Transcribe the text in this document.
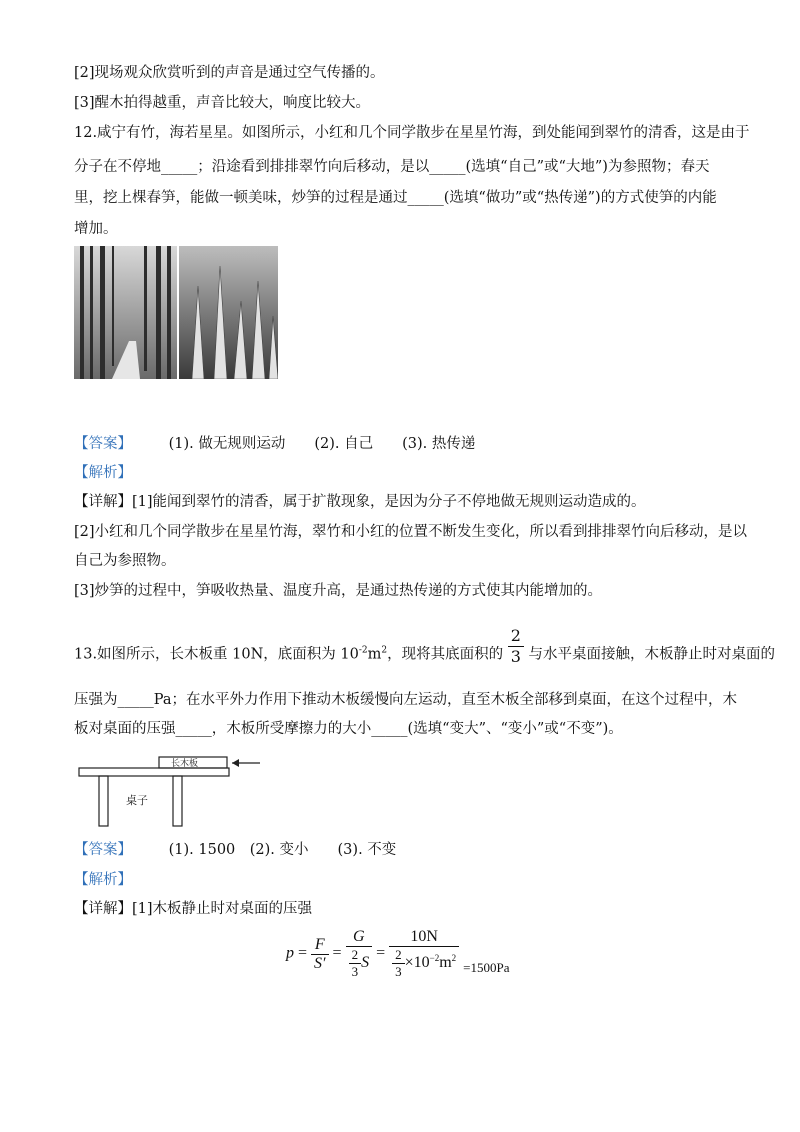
[2]现场观众欣赏听到的声音是通过空气传播的。
[3]醒木拍得越重，声音比较大，响度比较大。
12.咸宁有竹，海若星星。如图所示，小红和几个同学散步在星星竹海，到处能闻到翠竹的清香，这是由于
分子在不停地_____；沿途看到排排翠竹向后移动，是以_____(选填“自己”或“大地”)为参照物；春天
里，挖上棵春笋，能做一顿美味，炒笋的过程是通过_____(选填“做功”或“热传递”)的方式使笋的内能
增加。
【答案】	(1). 做无规则运动　　(2). 自己　　(3). 热传递
【解析】
【详解】[1]能闻到翠竹的清香，属于扩散现象，是因为分子不停地做无规则运动造成的。
[2]小红和几个同学散步在星星竹海，翠竹和小红的位置不断发生变化，所以看到排排翠竹向后移动，是以
自己为参照物。
[3]炒笋的过程中，笋吸收热量、温度升高，是通过热传递的方式使其内能增加的。
13.如图所示，长木板重 10N，底面积为 $10^{-2}m^2$，现将其底面积的 $\frac{2}{3}$ 与水平桌面接触，木板静止时对桌面的
压强为_____Pa；在水平外力作用下推动木板缓慢向左运动，直至木板全部移到桌面，在这个过程中，木
板对桌面的压强_____，木板所受摩擦力的大小_____(选填“变大”、“变小”或“不变”)。
长木板
桌子
【答案】	(1). 1500　(2). 变小　　(3). 不变
【解析】
【详解】[1]木板静止时对桌面的压强
$p = \frac{F}{S'} = \frac{G}{\frac{2}{3} S} = \frac{10N}{\frac{2}{3} \times 10^{-2}m^2} _{=1500Pa}$
